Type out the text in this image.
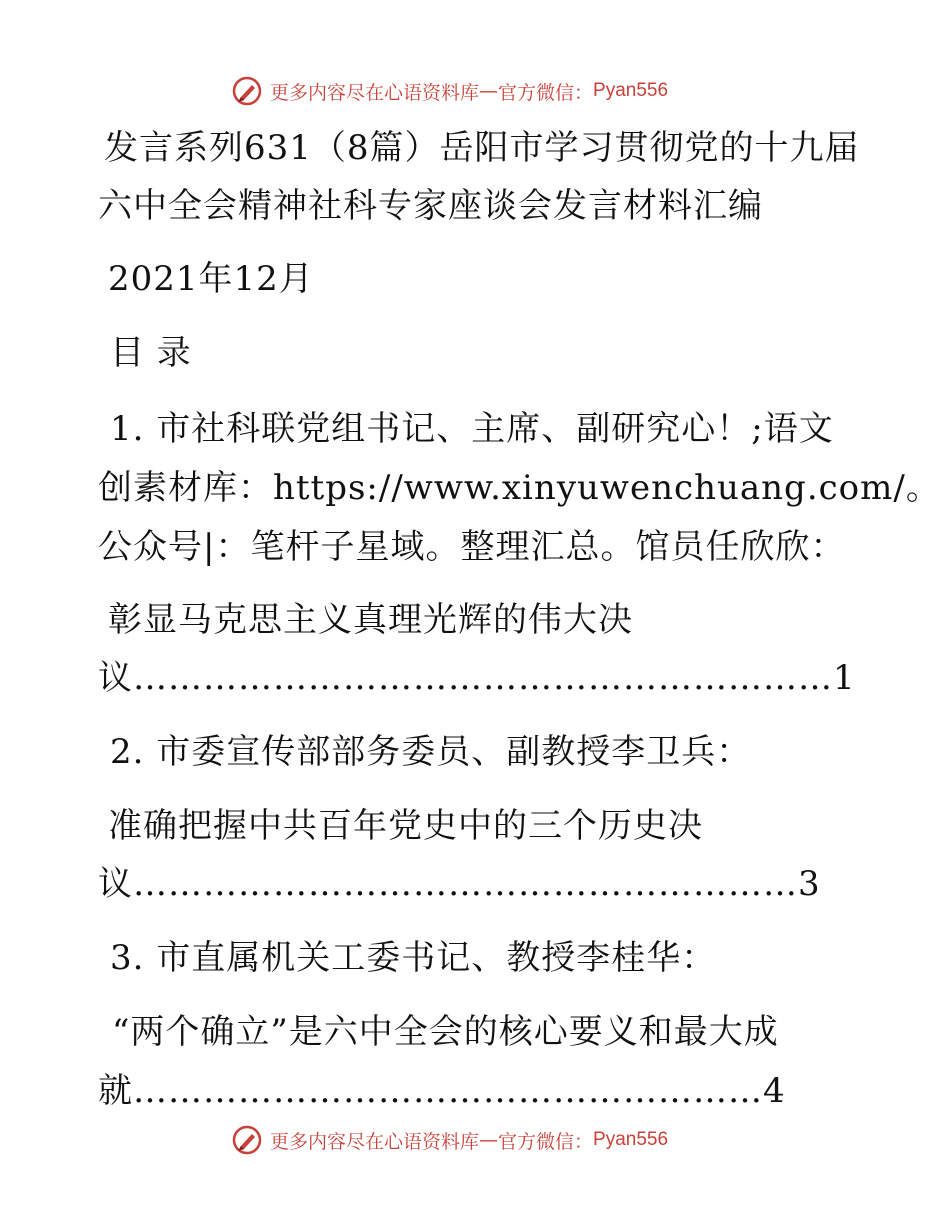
更多内容尽在心语资料库 — 官方微信： Pyan556
发言系列631（8篇）岳阳市学习贯彻党的十九届
六中全会精神社科专家座谈会发言材料汇编
2021年12月
目 录
1. 市社科联党组书记、主席、副研究心！;语文
创素材库：https://www.xinyuwenchuang.com/。
公众号|：笔杆子星域。整理汇总。馆员任欣欣：
彰显马克思主义真理光辉的伟大决
议……………………………………………………1
2. 市委宣传部部务委员、副教授李卫兵：
准确把握中共百年党史中的三个历史决
议…………………………………………………3
3. 市直属机关工委书记、教授李桂华：
“两个确立”是六中全会的核心要义和最大成
就………………………………………………4
更多内容尽在心语资料库 — 官方微信： Pyan556
